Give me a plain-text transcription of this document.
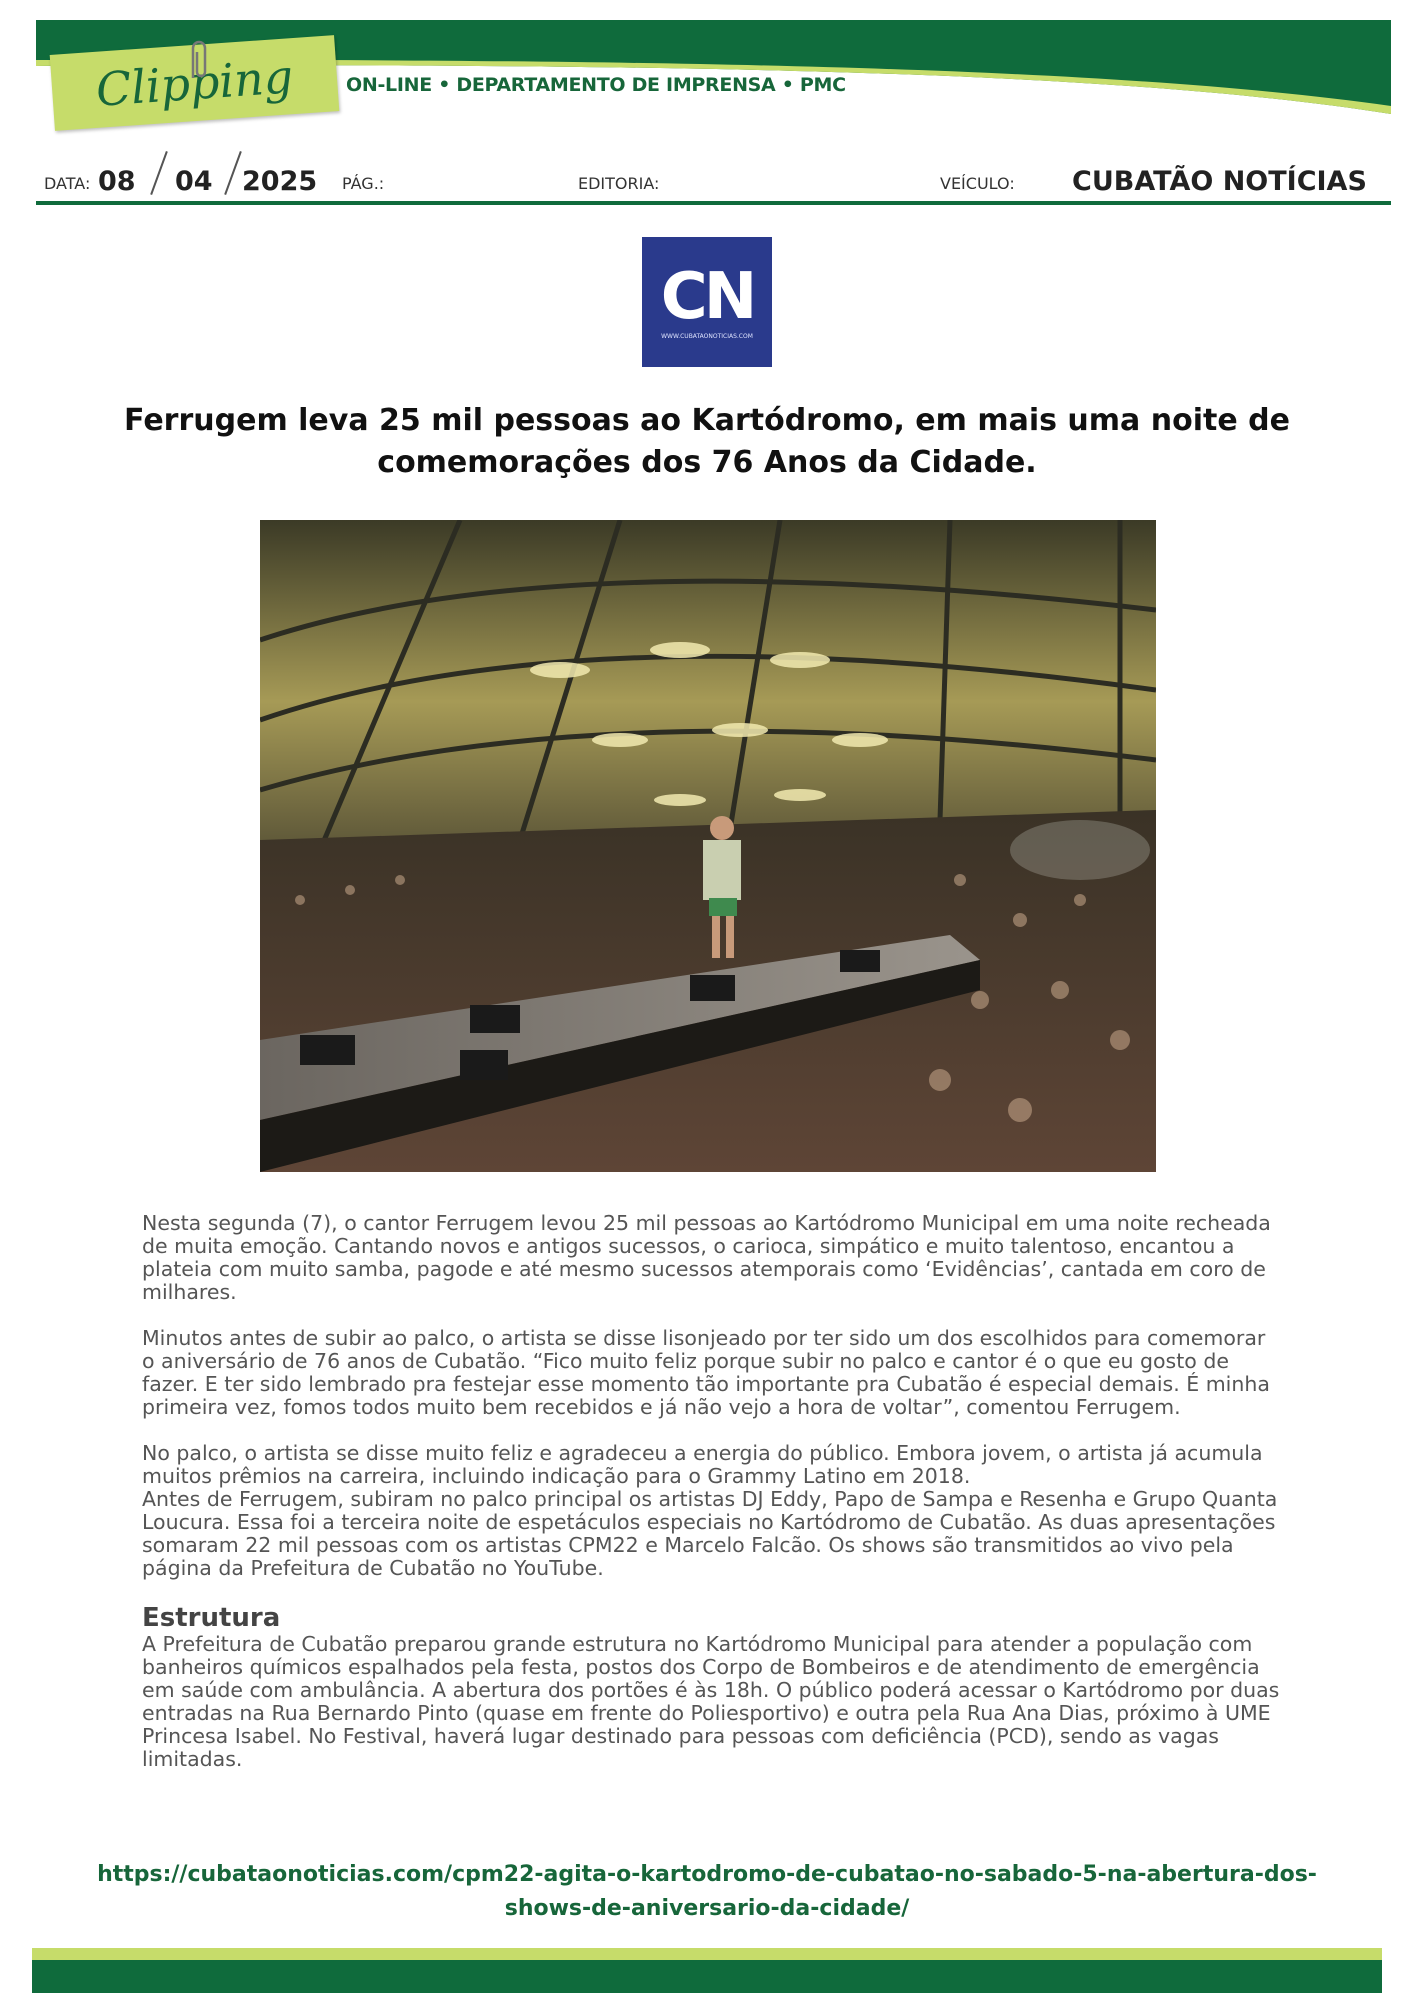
Clipping	ON-LINE • DEPARTAMENTO DE IMPRENSA • PMC
DATA: 08 04 2025 PÁG.:	EDITORIA:	VEÍCULO: CUBATÃO NOTÍCIAS
CN
WWW.CUBATAONOTICIAS.COM
Ferrugem leva 25 mil pessoas ao Kartódromo, em mais uma noite de comemorações dos 76 Anos da Cidade.

Nesta segunda (7), o cantor Ferrugem levou 25 mil pessoas ao Kartódromo Municipal em uma noite recheada de muita emoção. Cantando novos e antigos sucessos, o carioca, simpático e muito talentoso, encantou a plateia com muito samba, pagode e até mesmo sucessos atemporais como ‘Evidências’, cantada em coro de milhares.

Minutos antes de subir ao palco, o artista se disse lisonjeado por ter sido um dos escolhidos para comemorar o aniversário de 76 anos de Cubatão. “Fico muito feliz porque subir no palco e cantor é o que eu gosto de fazer. E ter sido lembrado pra festejar esse momento tão importante pra Cubatão é especial demais. É minha primeira vez, fomos todos muito bem recebidos e já não vejo a hora de voltar”, comentou Ferrugem.

No palco, o artista se disse muito feliz e agradeceu a energia do público. Embora jovem, o artista já acumula muitos prêmios na carreira, incluindo indicação para o Grammy Latino em 2018.

Antes de Ferrugem, subiram no palco principal os artistas DJ Eddy, Papo de Sampa e Resenha e Grupo Quanta Loucura. Essa foi a terceira noite de espetáculos especiais no Kartódromo de Cubatão. As duas apresentações somaram 22 mil pessoas com os artistas CPM22 e Marcelo Falcão. Os shows são transmitidos ao vivo pela página da Prefeitura de Cubatão no YouTube.

Estrutura

A Prefeitura de Cubatão preparou grande estrutura no Kartódromo Municipal para atender a população com banheiros químicos espalhados pela festa, postos dos Corpo de Bombeiros e de atendimento de emergência em saúde com ambulância. A abertura dos portões é às 18h. O público poderá acessar o Kartódromo por duas entradas na Rua Bernardo Pinto (quase em frente do Poliesportivo) e outra pela Rua Ana Dias, próximo à UME Princesa Isabel. No Festival, haverá lugar destinado para pessoas com deficiência (PCD), sendo as vagas limitadas.

https://cubataonoticias.com/cpm22-agita-o-kartodromo-de-cubatao-no-sabado-5-na-abertura-dos-shows-de-aniversario-da-cidade/
